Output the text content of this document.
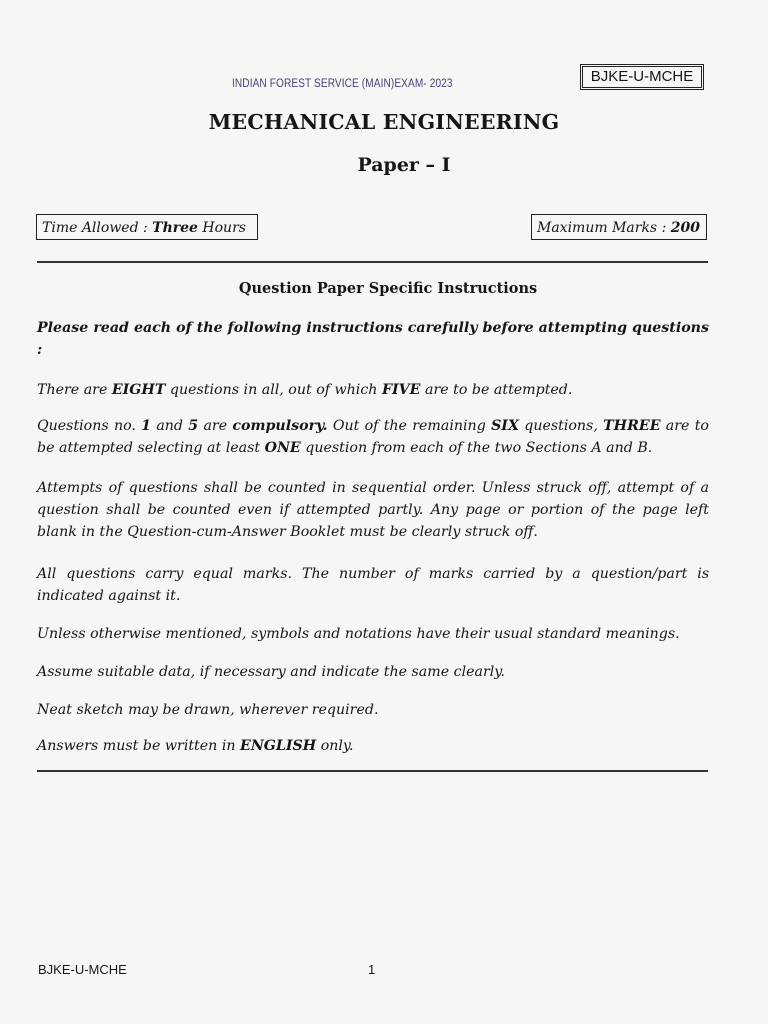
INDIAN FOREST SERVICE (MAIN)EXAM- 2023	BJKE-U-MCHE
MECHANICAL ENGINEERING
Paper – I
Time Allowed : Three Hours	Maximum Marks : 200
Question Paper Specific Instructions
Please read each of the following instructions carefully before attempting questions :
There are EIGHT questions in all, out of which FIVE are to be attempted.
Questions no. 1 and 5 are compulsory. Out of the remaining SIX questions, THREE are to be attempted selecting at least ONE question from each of the two Sections A and B.
Attempts of questions shall be counted in sequential order. Unless struck off, attempt of a question shall be counted even if attempted partly. Any page or portion of the page left blank in the Question-cum-Answer Booklet must be clearly struck off.
All questions carry equal marks. The number of marks carried by a question/part is indicated against it.
Unless otherwise mentioned, symbols and notations have their usual standard meanings.
Assume suitable data, if necessary and indicate the same clearly.
Neat sketch may be drawn, wherever required.
Answers must be written in ENGLISH only.
BJKE-U-MCHE	1
